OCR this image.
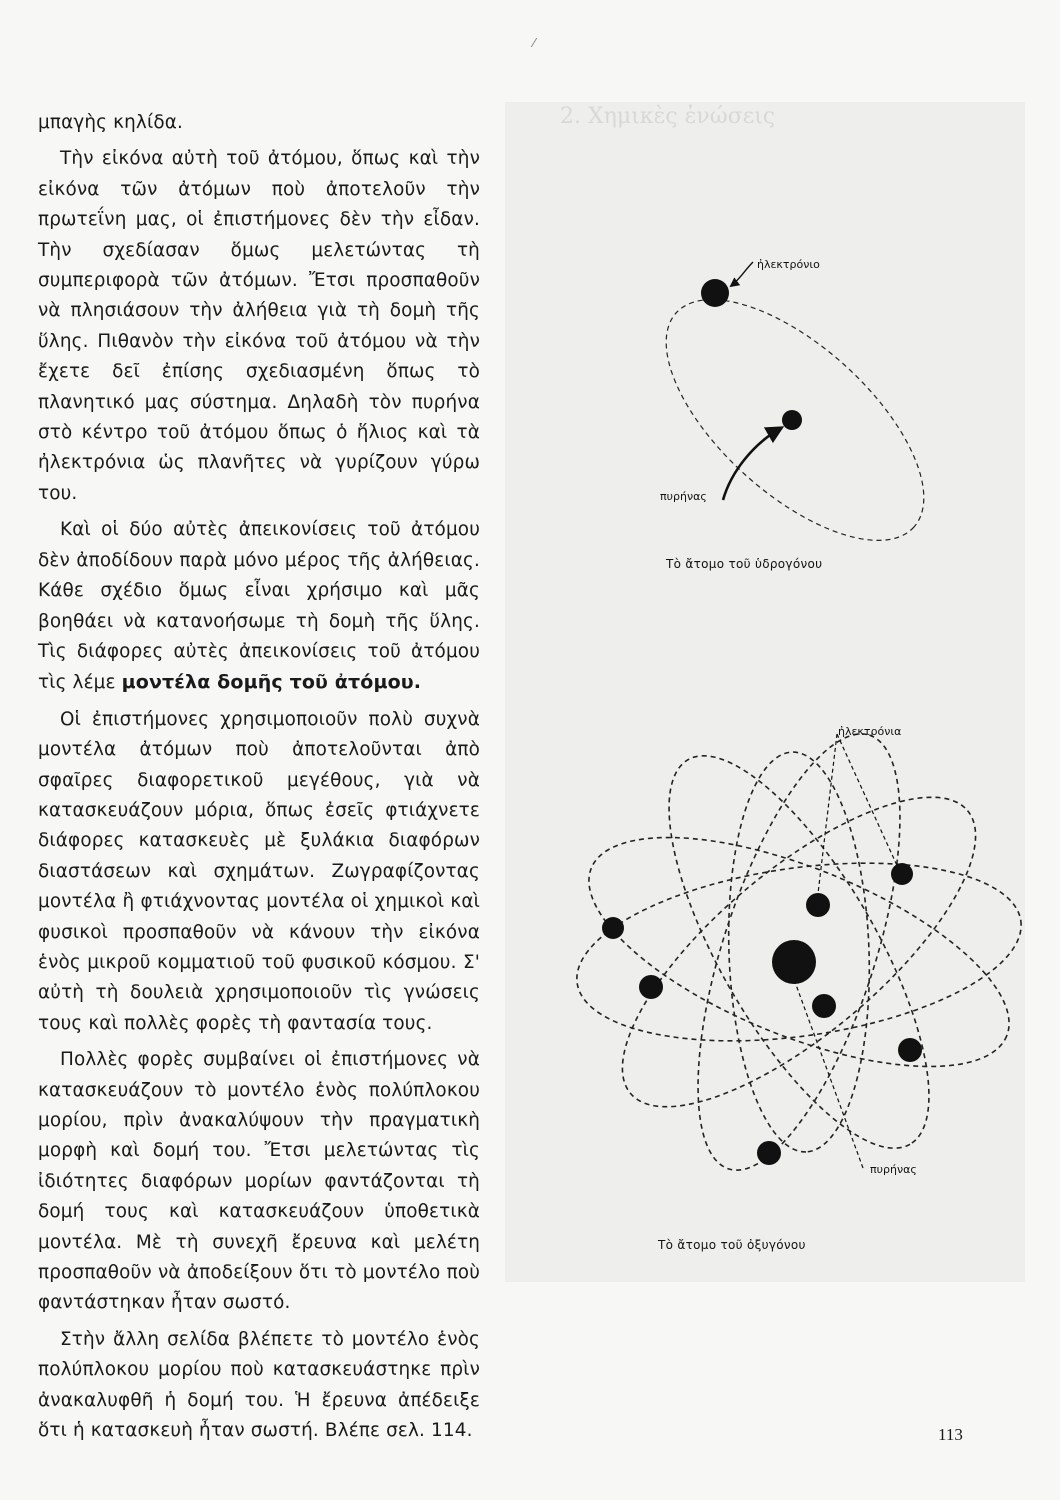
⁄
2. Χημικὲς ἑνώσεις

μπαγὴς κηλίδα.

Τὴν εἰκόνα αὐτὴ τοῦ ἀτόμου, ὅπως καὶ τὴν εἰκόνα τῶν ἀτόμων ποὺ ἀποτελοῦν τὴν πρωτεΐνη μας, οἱ ἐπιστήμονες δὲν τὴν εἶδαν. Τὴν σχεδίασαν ὅμως μελετώντας τὴ συμπεριφορὰ τῶν ἀτόμων. Ἔτσι προσπαθοῦν νὰ πλησιάσουν τὴν ἀλήθεια γιὰ τὴ δομὴ τῆς ὕλης. Πιθανὸν τὴν εἰκόνα τοῦ ἀτόμου νὰ τὴν ἔχετε δεῖ ἐπίσης σχεδιασμένη ὅπως τὸ πλανητικό μας σύστημα. Δηλαδὴ τὸν πυρήνα στὸ κέντρο τοῦ ἀτόμου ὅπως ὁ ἥλιος καὶ τὰ ἠλεκτρόνια ὡς πλανῆτες νὰ γυρίζουν γύρω του.

Καὶ οἱ δύο αὐτὲς ἀπεικονίσεις τοῦ ἀτόμου δὲν ἀποδίδουν παρὰ μόνο μέρος τῆς ἀλήθειας. Κάθε σχέδιο ὅμως εἶναι χρήσιμο καὶ μᾶς βοηθάει νὰ κατανοήσωμε τὴ δομὴ τῆς ὕλης. Τὶς διάφορες αὐτὲς ἀπεικονίσεις τοῦ ἀτόμου τὶς λέμε μοντέλα δομῆς τοῦ ἀτόμου.

Οἱ ἐπιστήμονες χρησιμοποιοῦν πολὺ συχνὰ μοντέλα ἀτόμων ποὺ ἀποτελοῦνται ἀπὸ σφαῖρες διαφορετικοῦ μεγέθους, γιὰ νὰ κατασκευάζουν μόρια, ὅπως ἐσεῖς φτιάχνετε διάφορες κατασκευὲς μὲ ξυλάκια διαφόρων διαστάσεων καὶ σχημάτων. Ζωγραφίζοντας μοντέλα ἢ φτιάχνοντας μοντέλα οἱ χημικοὶ καὶ φυσικοὶ προσπαθοῦν νὰ κάνουν τὴν εἰκόνα ἑνὸς μικροῦ κομματιοῦ τοῦ φυσικοῦ κόσμου. Σ' αὐτὴ τὴ δουλειὰ χρησιμοποιοῦν τὶς γνώσεις τους καὶ πολλὲς φορὲς τὴ φαντασία τους.

Πολλὲς φορὲς συμβαίνει οἱ ἐπιστήμονες νὰ κατασκευάζουν τὸ μοντέλο ἑνὸς πολύπλοκου μορίου, πρὶν ἀνακαλύψουν τὴν πραγματικὴ μορφὴ καὶ δομή του. Ἔτσι μελετώντας τὶς ἰδιότητες διαφόρων μορίων φαντάζονται τὴ δομή τους καὶ κατασκευάζουν ὑποθετικὰ μοντέλα. Μὲ τὴ συνεχῆ ἔρευνα καὶ μελέτη προσπαθοῦν νὰ ἀποδείξουν ὅτι τὸ μοντέλο ποὺ φαντάστηκαν ἦταν σωστό.

Στὴν ἄλλη σελίδα βλέπετε τὸ μοντέλο ἑνὸς πολύπλοκου μορίου ποὺ κατασκευάστηκε πρὶν ἀνακαλυφθῆ ἡ δομή του. Ἡ ἔρευνα ἀπέδειξε ὅτι ἡ κατασκευὴ ἦταν σωστή. Βλέπε σελ. 114.

ἠλεκτρόνιο
πυρήνας
Τὸ ἄτομο τοῦ ὑδρογόνου
ἠλεκτρόνια
πυρήνας
Τὸ ἄτομο τοῦ ὀξυγόνου
113
